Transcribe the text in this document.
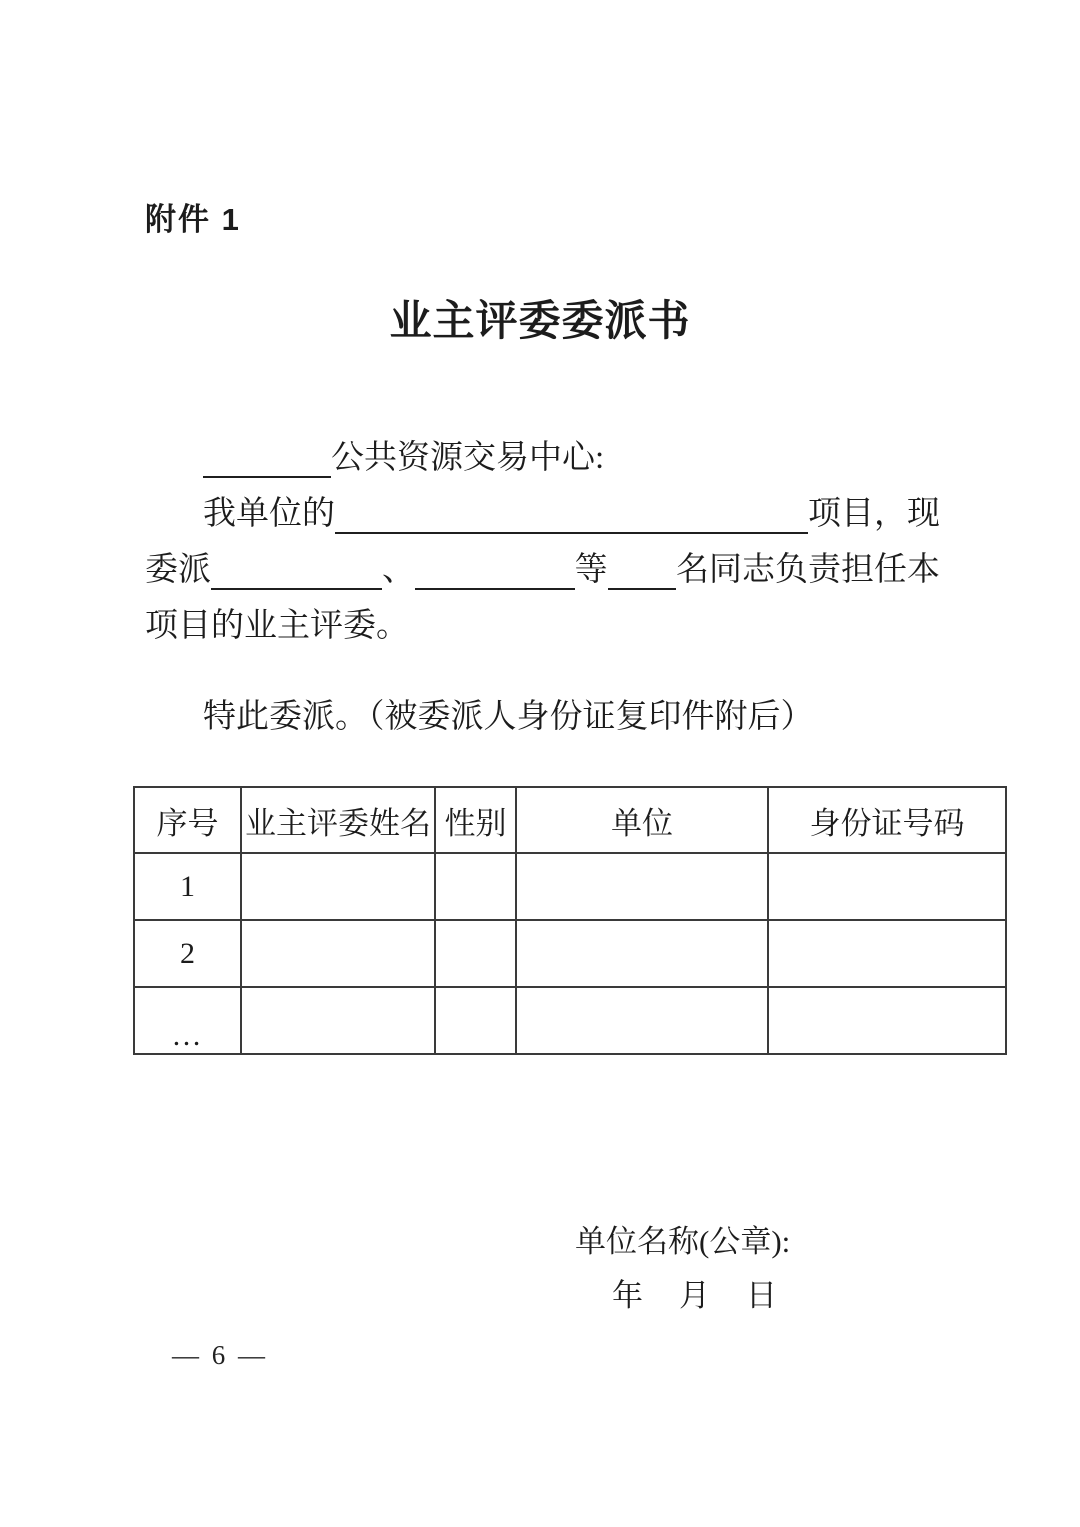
附件 1
业主评委委派书
公共资源交易中心:
我单位的	项目，现
委派	、	等 名同志负责担任本
项目的业主评委。
特此委派。（被委派人身份证复印件附后）
序号	业主评委姓名	性别	单位	身份证号码
1				
2				
…				
单位名称(公章):
年 月 日
— 6 —
